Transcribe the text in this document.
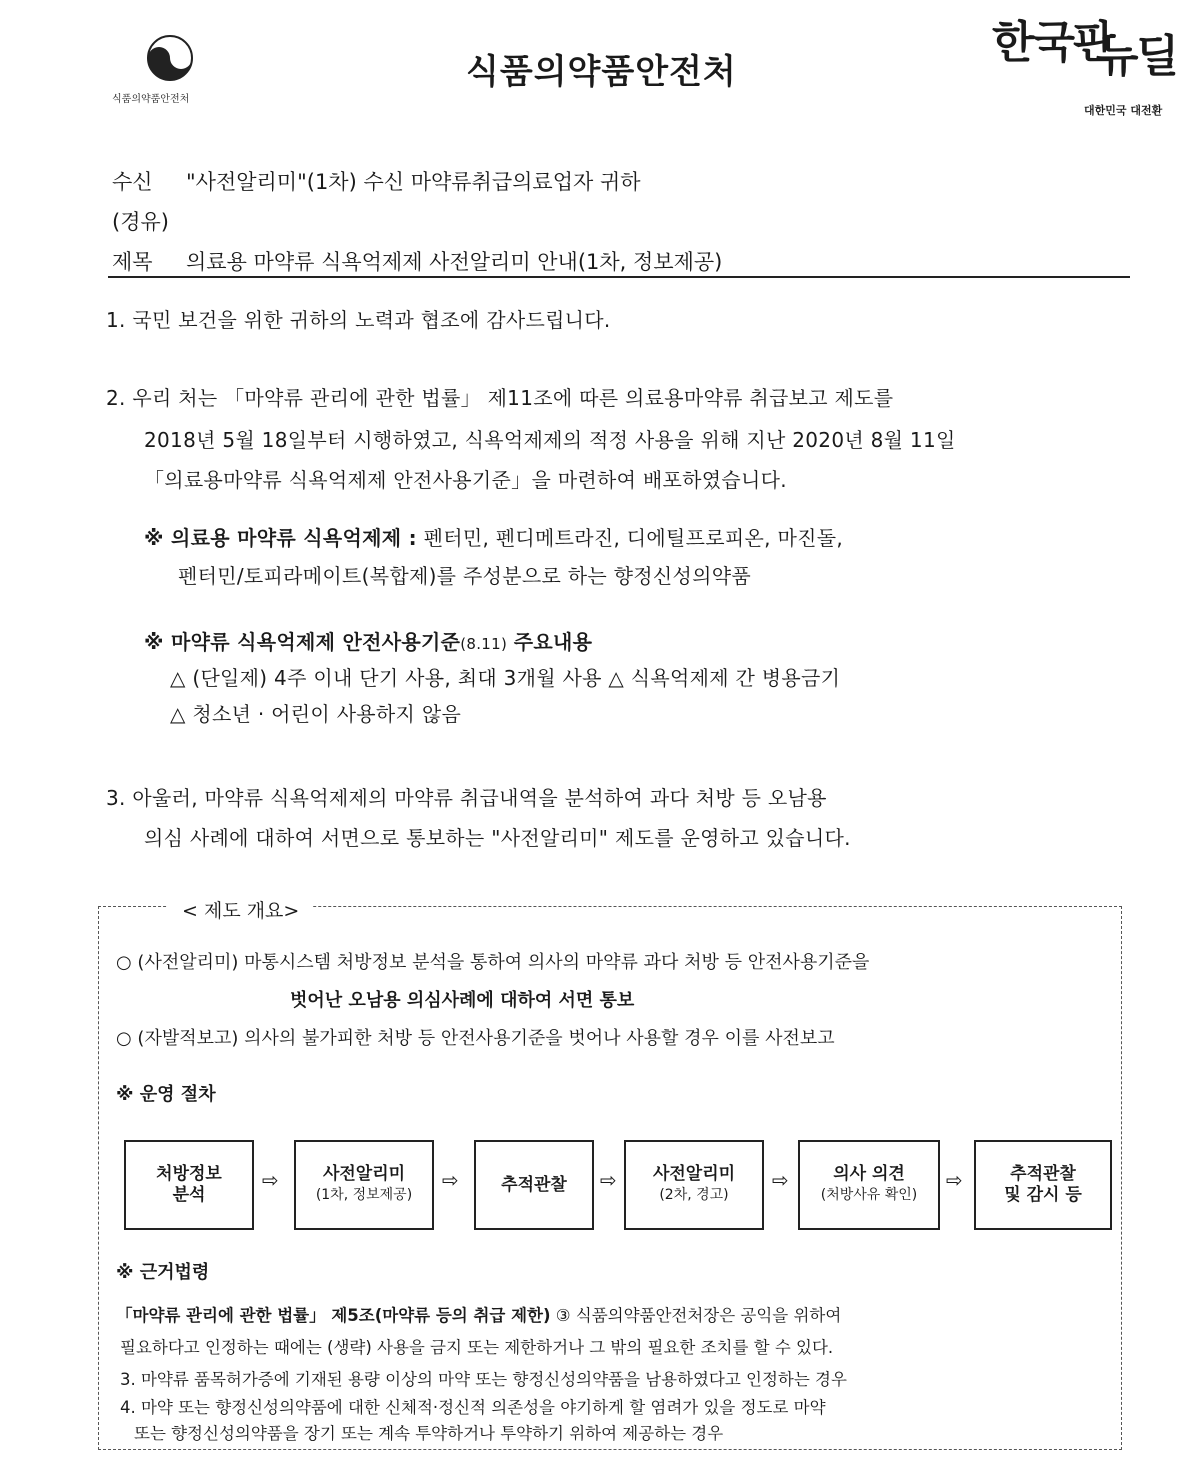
식품의약품안전처
식품의약품안전처
한국판
뉴딜
대한민국 대전환
수신 "사전알리미"(1차) 수신 마약류취급의료업자 귀하
(경유)
제목 의료용 마약류 식욕억제제 사전알리미 안내(1차, 정보제공)
1. 국민 보건을 위한 귀하의 노력과 협조에 감사드립니다.
2. 우리 처는 「마약류 관리에 관한 법률」 제11조에 따른 의료용마약류 취급보고 제도를
2018년 5월 18일부터 시행하였고, 식욕억제제의 적정 사용을 위해 지난 2020년 8월 11일
「의료용마약류 식욕억제제 안전사용기준」을 마련하여 배포하였습니다.
※ 의료용 마약류 식욕억제제 : 펜터민, 펜디메트라진, 디에틸프로피온, 마진돌,
펜터민/토피라메이트(복합제)를 주성분으로 하는 향정신성의약품
※ 마약류 식욕억제제 안전사용기준(8.11) 주요내용
△ (단일제) 4주 이내 단기 사용, 최대 3개월 사용 △ 식욕억제제 간 병용금기
△ 청소년 · 어린이 사용하지 않음
3. 아울러, 마약류 식욕억제제의 마약류 취급내역을 분석하여 과다 처방 등 오남용
의심 사례에 대하여 서면으로 통보하는 "사전알리미" 제도를 운영하고 있습니다.
< 제도 개요>
○ (사전알리미) 마통시스템 처방정보 분석을 통하여 의사의 마약류 과다 처방 등 안전사용기준을
벗어난 오남용 의심사례에 대하여 서면 통보
○ (자발적보고) 의사의 불가피한 처방 등 안전사용기준을 벗어나 사용할 경우 이를 사전보고
※ 운영 절차
처방정보
분석
⇨	사전알리미
(1차, 정보제공)
⇨ 추적관찰 ⇨ 사전알리미
(2차, 경고)
⇨	의사 의견
(처방사유 확인)
⇨	추적관찰
및 감시 등
※ 근거법령
「마약류 관리에 관한 법률」 제5조(마약류 등의 취급 제한) ③ 식품의약품안전처장은 공익을 위하여
필요하다고 인정하는 때에는 (생략) 사용을 금지 또는 제한하거나 그 밖의 필요한 조치를 할 수 있다.
3. 마약류 품목허가증에 기재된 용량 이상의 마약 또는 향정신성의약품을 남용하였다고 인정하는 경우
4. 마약 또는 향정신성의약품에 대한 신체적·정신적 의존성을 야기하게 할 염려가 있을 정도로 마약
또는 향정신성의약품을 장기 또는 계속 투약하거나 투약하기 위하여 제공하는 경우
